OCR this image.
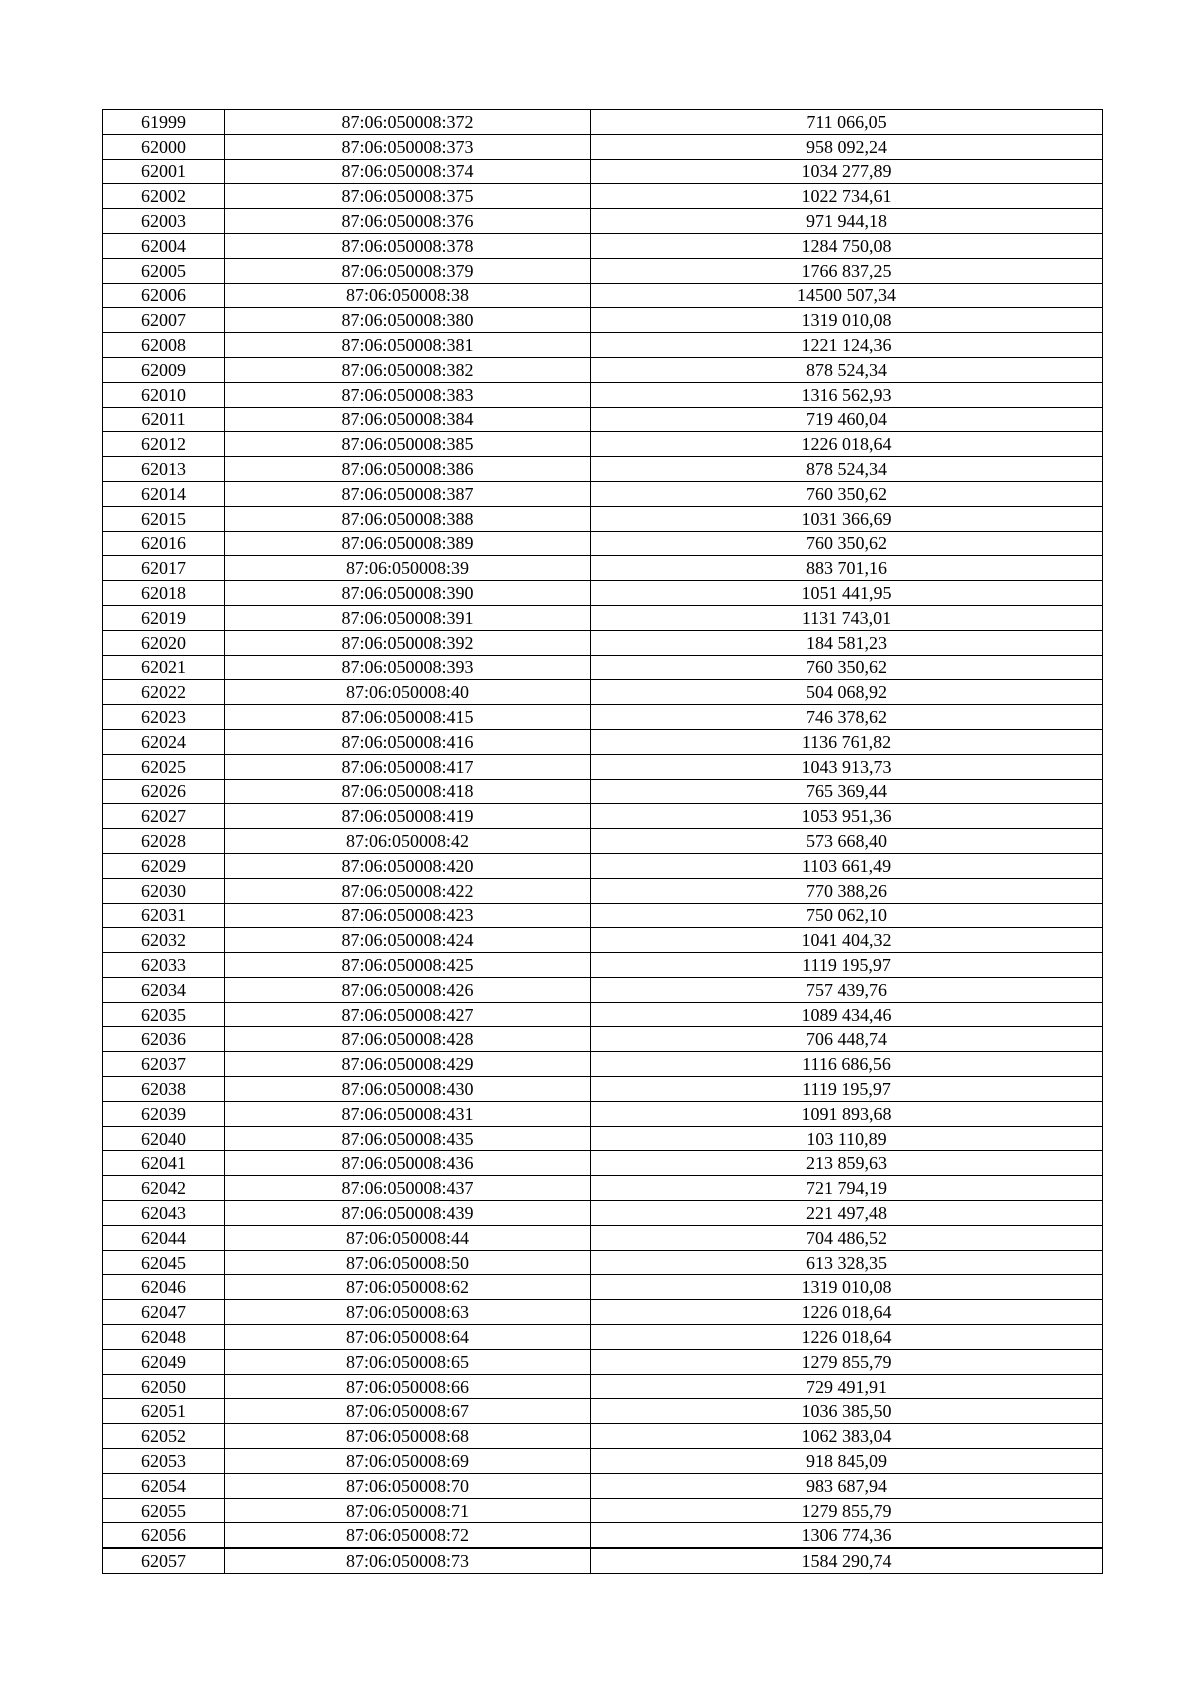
61999	87:06:050008:372	711 066,05
62000	87:06:050008:373	958 092,24
62001	87:06:050008:374	1034 277,89
62002	87:06:050008:375	1022 734,61
62003	87:06:050008:376	971 944,18
62004	87:06:050008:378	1284 750,08
62005	87:06:050008:379	1766 837,25
62006	87:06:050008:38	14500 507,34
62007	87:06:050008:380	1319 010,08
62008	87:06:050008:381	1221 124,36
62009	87:06:050008:382	878 524,34
62010	87:06:050008:383	1316 562,93
62011	87:06:050008:384	719 460,04
62012	87:06:050008:385	1226 018,64
62013	87:06:050008:386	878 524,34
62014	87:06:050008:387	760 350,62
62015	87:06:050008:388	1031 366,69
62016	87:06:050008:389	760 350,62
62017	87:06:050008:39	883 701,16
62018	87:06:050008:390	1051 441,95
62019	87:06:050008:391	1131 743,01
62020	87:06:050008:392	184 581,23
62021	87:06:050008:393	760 350,62
62022	87:06:050008:40	504 068,92
62023	87:06:050008:415	746 378,62
62024	87:06:050008:416	1136 761,82
62025	87:06:050008:417	1043 913,73
62026	87:06:050008:418	765 369,44
62027	87:06:050008:419	1053 951,36
62028	87:06:050008:42	573 668,40
62029	87:06:050008:420	1103 661,49
62030	87:06:050008:422	770 388,26
62031	87:06:050008:423	750 062,10
62032	87:06:050008:424	1041 404,32
62033	87:06:050008:425	1119 195,97
62034	87:06:050008:426	757 439,76
62035	87:06:050008:427	1089 434,46
62036	87:06:050008:428	706 448,74
62037	87:06:050008:429	1116 686,56
62038	87:06:050008:430	1119 195,97
62039	87:06:050008:431	1091 893,68
62040	87:06:050008:435	103 110,89
62041	87:06:050008:436	213 859,63
62042	87:06:050008:437	721 794,19
62043	87:06:050008:439	221 497,48
62044	87:06:050008:44	704 486,52
62045	87:06:050008:50	613 328,35
62046	87:06:050008:62	1319 010,08
62047	87:06:050008:63	1226 018,64
62048	87:06:050008:64	1226 018,64
62049	87:06:050008:65	1279 855,79
62050	87:06:050008:66	729 491,91
62051	87:06:050008:67	1036 385,50
62052	87:06:050008:68	1062 383,04
62053	87:06:050008:69	918 845,09
62054	87:06:050008:70	983 687,94
62055	87:06:050008:71	1279 855,79
62056	87:06:050008:72	1306 774,36
62057	87:06:050008:73	1584 290,74
